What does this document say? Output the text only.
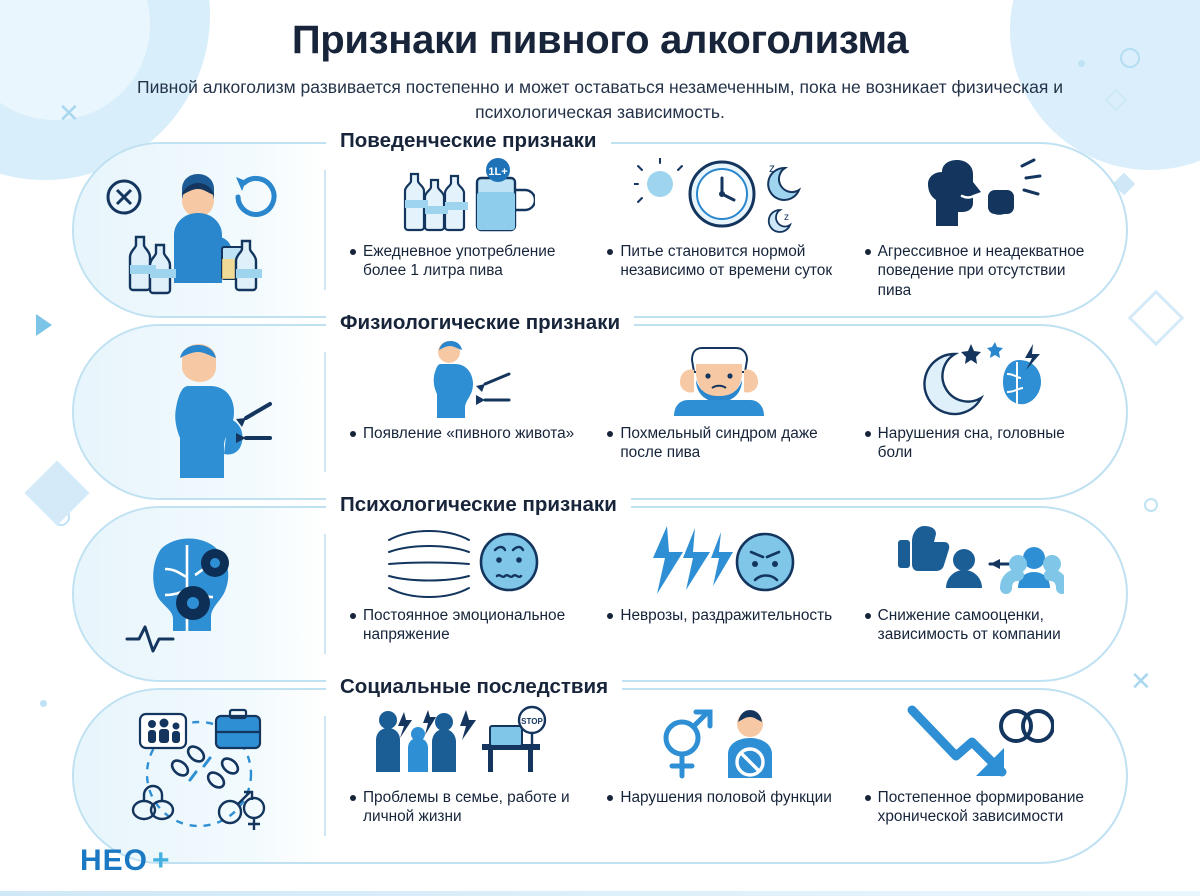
✕
✕
Признаки пивного алкоголизма

Пивной алкоголизм развивается постепенно и может оставаться незамеченным, пока не возникает физическая и психологическая зависимость.

1L+
Ежедневное употребление более 1 литра пива
z
z
Питье становится нормой независимо от времени суток
Агрессивное и неадекватное поведение при отсутствии пива
Поведенческие признаки
Появление «пивного живота»	Похмельный синдром даже после пива
Нарушения сна, головные боли
Физиологические признаки
Постоянное эмоциональное напряжение
Неврозы, раздражительность	Снижение самооценки, зависимость от компании
Психологические признаки
STOP
Проблемы в семье, работе и личной жизни
Нарушения половой функции	Постепенное формирование хронической зависимости
Социальные последствия
НЕО +
